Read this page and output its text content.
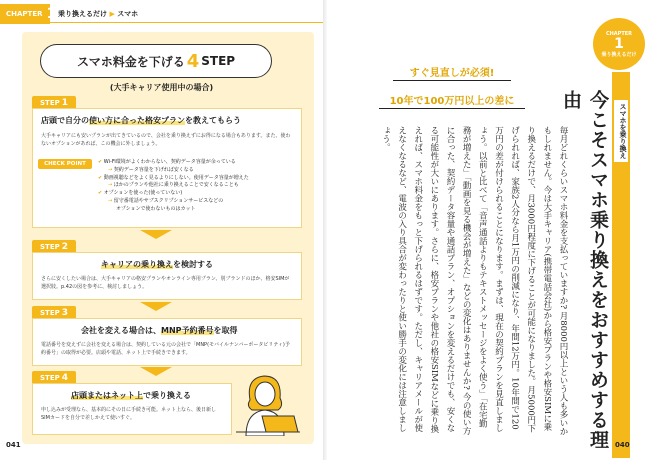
CHAPTER 1 乗り換えるだけ ▶ スマホ
スマホ料金を下げる 4 STEP
(大手キャリア使用中の場合)
STEP 1
店頭で自分の使い方に合った格安プランを教えてもらう
大手キャリアにも安いプランが出てきているので、会社を乗り換えずにお得になる場合もあります。また、使わないオプションがあれば、この機会に外しましょう。
CHECK POINT	✔ Wi-Fi環境がよくわからない、契約データ容量が余っている
→ 契約データ容量を下げれば安くなる
✔ 動画視聴などをよく見るよりにしない。使用データ容量が増えた
→ ほかのプランや他社に乗り換えることで安くなることも
✔ オプションを使った(使っていない)
→ 留守番電話やサブスクリプションサービスなどの
オプションで使わないものはカット
STEP 2
キャリアの乗り換えを検討する
さらに安くしたい場合は、大手キャリアの格安プランやオンライン専用プラン、別ブランドのほか、格安SIMが選択肢。p.42の図を参考に、検討しましょう。
STEP 3
会社を変える場合は、MNP予約番号を取得
電話番号を変えずに会社を変える場合は、契約している元の会社で「MNP(モバイルナンバーポータビリティ)予約番号」の取得が必要。店頭や電話、ネット上で手続きできます。
STEP 4
店頭またはネット上で乗り換える
申し込みが受理なら、基本的にその日に手続き可能。ネット上なら、後日新しSIMカードを自分で差しかえて使いすぐ。
041
CHAPTER
1
乗り換えるだけ
スマホを乗り換え
今こそスマホ乗り換えをおすすめする理由
すぐ見直しが必須!
10年で100万円以上の差に
毎月どれくらいスマホ料金を支払っていますか? 月8000円以上という人も多いかもしれません。今は大手キャリア(携帯電話会社)から格安プランや格安SIMに乗り換えるだけで、月3000円程度に下げることが可能になりました。月5000円下げられれば、家族2人分なら月1万円の削減になり、年間12万円。10年間で120万円の差が付けられることになります。まずは、現在の契約プランを見直しましょう。以前と比べて「音声通話よりもテキストメッセージをよく使う」「在宅勤務が増えた」「動画を見る機会が増えた」などの変化はありませんか? 今の使い方に合った、契約データ容量や通話プラン、オプションを変えるだけでも、安くなる可能性が大いにあります。さらに、格安プランや他社の格安SIMなどに乗り換えれば、スマホ料金をもっと下げられるはずです。ただし、キャリアメールが使えなくなるなど、電波の入り具合が変わったりと使い勝手の変化には注意しましょう。
040
